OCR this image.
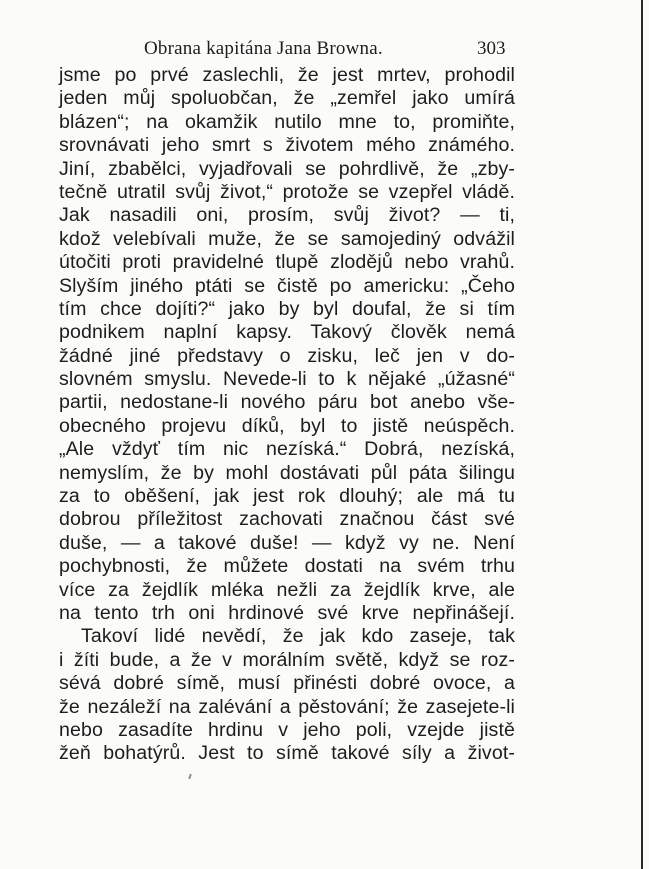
Obrana kapitána Jana Browna.	303
jsme po prvé zaslechli, že jest mrtev, prohodil
jeden můj spoluobčan, že „zemřel jako umírá
blázen“; na okamžik nutilo mne to, promiňte,
srovnávati jeho smrt s životem mého známého.
Jiní, zbabělci, vyjadřovali se pohrdlivě, že „zby-
tečně utratil svůj život,“ protože se vzepřel vládě.
Jak nasadili oni, prosím, svůj život? — ti,
kdož velebívali muže, že se samojediný odvážil
útočiti proti pravidelné tlupě zlodějů nebo vrahů.
Slyším jiného ptáti se čistě po americku: „Čeho
tím chce dojíti?“ jako by byl doufal, že si tím
podnikem naplní kapsy. Takový člověk nemá
žádné jiné představy o zisku, leč jen v do-
slovném smyslu. Nevede-li to k nějaké „úžasné“
partii, nedostane-li nového páru bot anebo vše-
obecného projevu díků, byl to jistě neúspěch.
„Ale vždyť tím nic nezíská.“ Dobrá, nezíská,
nemyslím, že by mohl dostávati půl páta šilingu
za to oběšení, jak jest rok dlouhý; ale má tu
dobrou příležitost zachovati značnou část své
duše, — a takové duše! — když vy ne. Není
pochybnosti, že můžete dostati na svém trhu
více za žejdlík mléka nežli za žejdlík krve, ale
na tento trh oni hrdinové své krve nepřinášejí.
Takoví lidé nevědí, že jak kdo zaseje, tak
i žíti bude, a že v morálním světě, když se roz-
sévá dobré símě, musí přinésti dobré ovoce, a
že nezáleží na zalévání a pěstování; že zasejete-li
nebo zasadíte hrdinu v jeho poli, vzejde jistě
žeň bohatýrů. Jest to símě takové síly a život-
